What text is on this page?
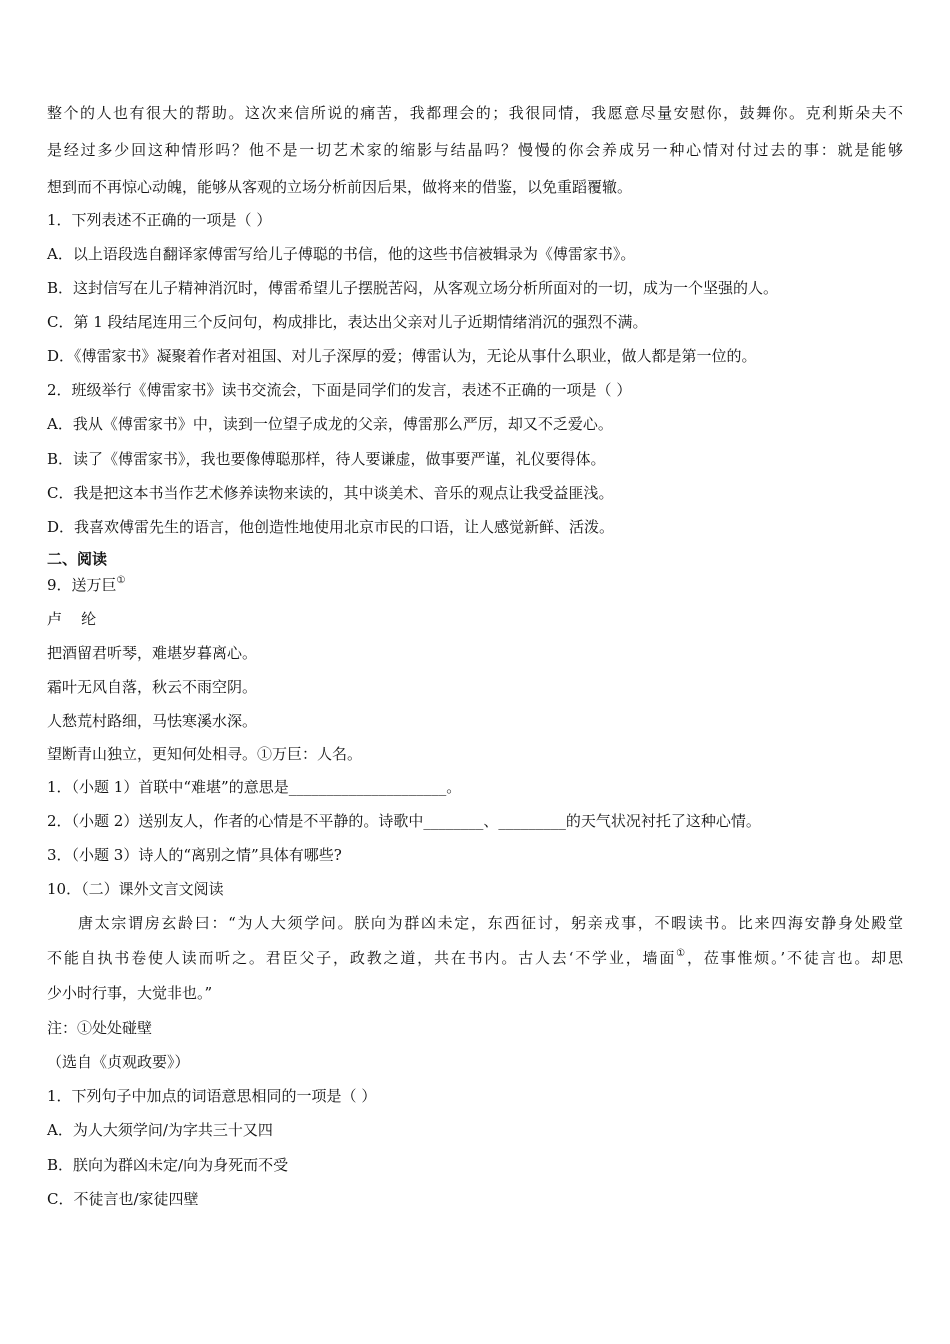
整个的人也有很大的帮助。这次来信所说的痛苦，我都理会的；我很同情，我愿意尽量安慰你，鼓舞你。克利斯朵夫不
是经过多少回这种情形吗？他不是一切艺术家的缩影与结晶吗？慢慢的你会养成另一种心情对付过去的事：就是能够
想到而不再惊心动魄，能够从客观的立场分析前因后果，做将来的借鉴，以免重蹈覆辙。
1．下列表述不正确的一项是（ ）
A．以上语段选自翻译家傅雷写给儿子傅聪的书信，他的这些书信被辑录为《傅雷家书》。
B．这封信写在儿子精神消沉时，傅雷希望儿子摆脱苦闷，从客观立场分析所面对的一切，成为一个坚强的人。
C．第 1 段结尾连用三个反问句，构成排比，表达出父亲对儿子近期情绪消沉的强烈不满。
D．《傅雷家书》凝聚着作者对祖国、对儿子深厚的爱；傅雷认为，无论从事什么职业，做人都是第一位的。
2．班级举行《傅雷家书》读书交流会，下面是同学们的发言，表述不正确的一项是（ ）
A．我从《傅雷家书》中，读到一位望子成龙的父亲，傅雷那么严厉，却又不乏爱心。
B．读了《傅雷家书》，我也要像傅聪那样，待人要谦虚，做事要严谨，礼仪要得体。
C．我是把这本书当作艺术修养读物来读的，其中谈美术、音乐的观点让我受益匪浅。
D．我喜欢傅雷先生的语言，他创造性地使用北京市民的口语，让人感觉新鲜、活泼。
二、阅读
9．送万巨①
卢    纶
把酒留君听琴，难堪岁暮离心。
霜叶无风自落，秋云不雨空阴。
人愁荒村路细，马怯寒溪水深。
望断青山独立，更知何处相寻。①万巨：人名。
1．（小题 1）首联中“难堪”的意思是_____________________。
2．（小题 2）送别友人，作者的心情是不平静的。诗歌中________、_________的天气状况衬托了这种心情。
3．（小题 3）诗人的“离别之情”具体有哪些?
10．（二）课外文言文阅读
唐太宗谓房玄龄曰：“为人大须学问。朕向为群凶未定，东西征讨，躬亲戎事，不暇读书。比来四海安静身处殿堂
不能自执书卷使人读而听之。君臣父子，政教之道，共在书内。古人去‘不学业，墙面①，莅事惟烦。’不徒言也。却思
少小时行事，大觉非也。”
注：①处处碰壁
（选自《贞观政要》）
1．下列句子中加点的词语意思相同的一项是（ ）
A．为人大须学问/为字共三十又四
B．朕向为群凶未定/向为身死而不受
C．不徒言也/家徒四壁
